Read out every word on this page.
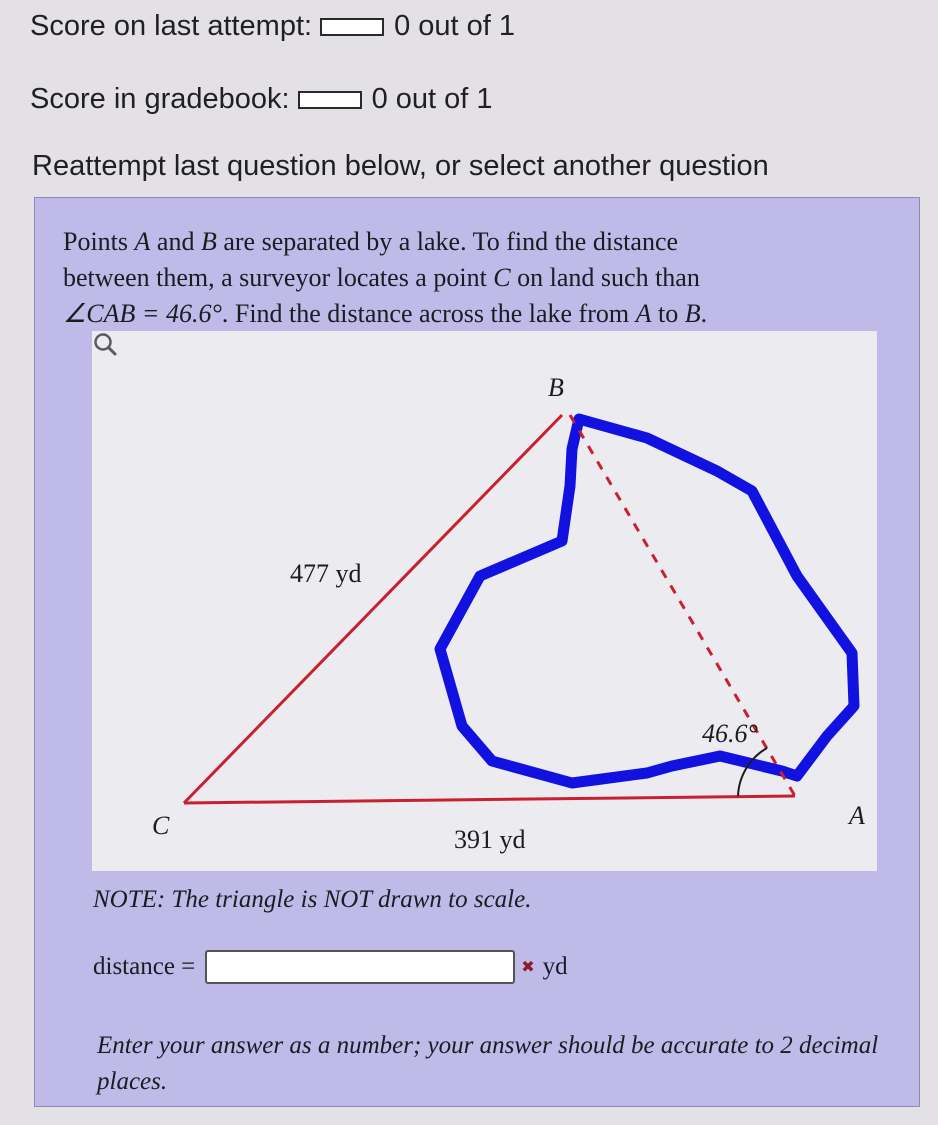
Score on last attempt:	0 out of 1
Score in gradebook:	0 out of 1
Reattempt last question below, or select another question
Points A and B are separated by a lake. To find the distance
between them, a surveyor locates a point C on land such than
∠CAB = 46.6°. Find the distance across the lake from A to B.
B
A
C
477 yd
391 yd
46.6°
NOTE: The triangle is NOT drawn to scale.
distance =	✖ yd
Enter your answer as a number; your answer should be accurate to 2 decimal places.
